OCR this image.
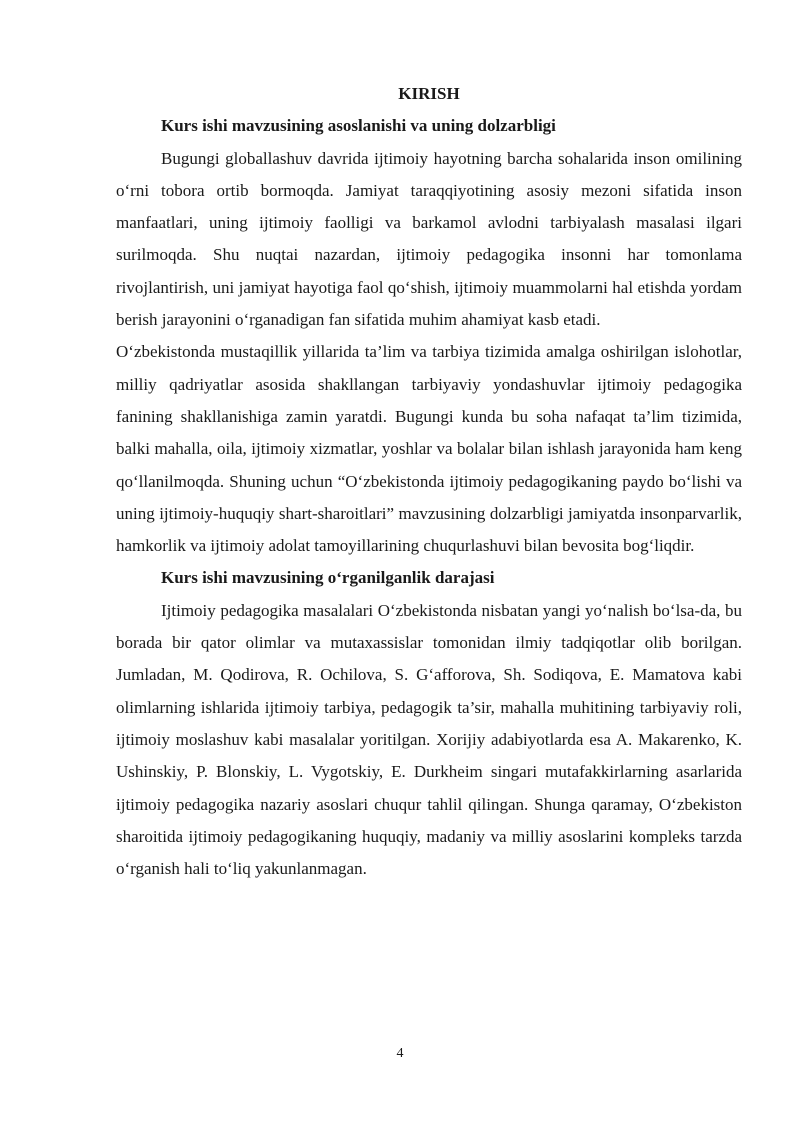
KIRISH
Kurs ishi mavzusining asoslanishi va uning dolzarbligi

Bugungi globallashuv davrida ijtimoiy hayotning barcha sohalarida inson omilining o‘rni tobora ortib bormoqda. Jamiyat taraqqiyotining asosiy mezoni sifatida inson manfaatlari, uning ijtimoiy faolligi va barkamol avlodni tarbiyalash masalasi ilgari surilmoqda. Shu nuqtai nazardan, ijtimoiy pedagogika insonni har tomonlama rivojlantirish, uni jamiyat hayotiga faol qo‘shish, ijtimoiy muammolarni hal etishda yordam berish jarayonini o‘rganadigan fan sifatida muhim ahamiyat kasb etadi.

O‘zbekistonda mustaqillik yillarida ta’lim va tarbiya tizimida amalga oshirilgan islohotlar, milliy qadriyatlar asosida shakllangan tarbiyaviy yondashuvlar ijtimoiy pedagogika fanining shakllanishiga zamin yaratdi. Bugungi kunda bu soha nafaqat ta’lim tizimida, balki mahalla, oila, ijtimoiy xizmatlar, yoshlar va bolalar bilan ishlash jarayonida ham keng qo‘llanilmoqda. Shuning uchun “O‘zbekistonda ijtimoiy pedagogikaning paydo bo‘lishi va uning ijtimoiy-huquqiy shart-sharoitlari” mavzusining dolzarbligi jamiyatda insonparvarlik, hamkorlik va ijtimoiy adolat tamoyillarining chuqurlashuvi bilan bevosita bog‘liqdir.

Kurs ishi mavzusining o‘rganilganlik darajasi

Ijtimoiy pedagogika masalalari O‘zbekistonda nisbatan yangi yo‘nalish bo‘lsa-da, bu borada bir qator olimlar va mutaxassislar tomonidan ilmiy tadqiqotlar olib borilgan. Jumladan, M. Qodirova, R. Ochilova, S. G‘afforova, Sh. Sodiqova, E. Mamatova kabi olimlarning ishlarida ijtimoiy tarbiya, pedagogik ta’sir, mahalla muhitining tarbiyaviy roli, ijtimoiy moslashuv kabi masalalar yoritilgan. Xorijiy adabiyotlarda esa A. Makarenko, K. Ushinskiy, P. Blonskiy, L. Vygotskiy, E. Durkheim singari mutafakkirlarning asarlarida ijtimoiy pedagogika nazariy asoslari chuqur tahlil qilingan. Shunga qaramay, O‘zbekiston sharoitida ijtimoiy pedagogikaning huquqiy, madaniy va milliy asoslarini kompleks tarzda o‘rganish hali to‘liq yakunlanmagan.

4
